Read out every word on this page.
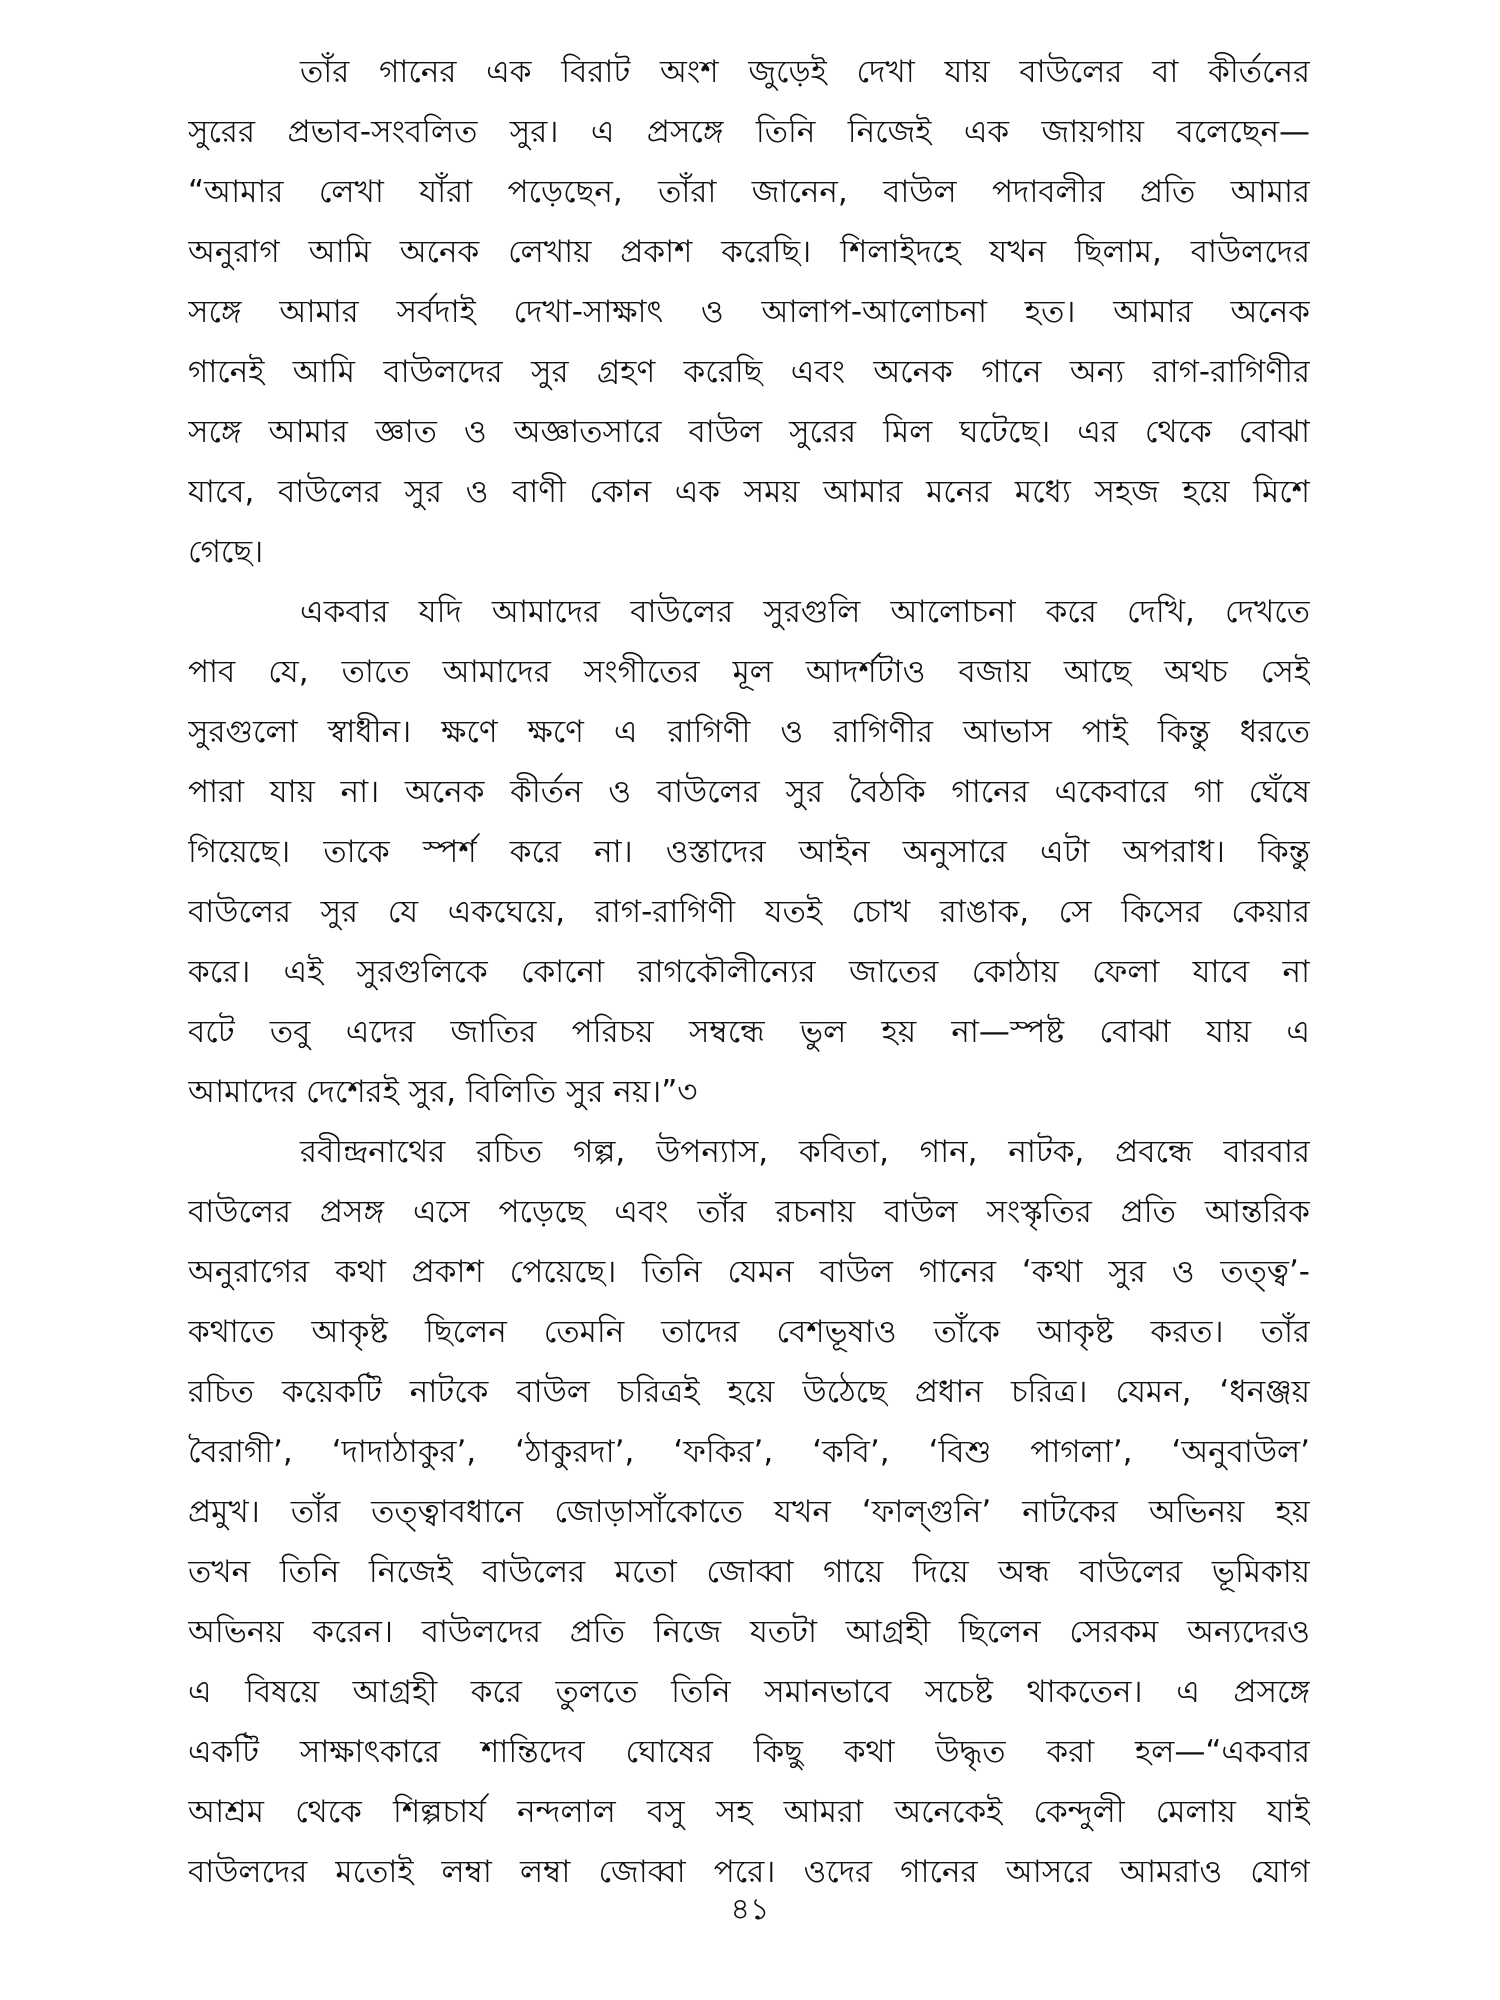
তাঁর গানের এক বিরাট অংশ জুড়েই দেখা যায় বাউলের বা কীর্তনের
সুরের প্রভাব-সংবলিত সুর। এ প্রসঙ্গে তিনি নিজেই এক জায়গায় বলেছেন—
“আমার লেখা যাঁরা পড়েছেন, তাঁরা জানেন, বাউল পদাবলীর প্রতি আমার
অনুরাগ আমি অনেক লেখায় প্রকাশ করেছি। শিলাইদহে যখন ছিলাম, বাউলদের
সঙ্গে আমার সর্বদাই দেখা-সাক্ষাৎ ও আলাপ-আলোচনা হত। আমার অনেক
গানেই আমি বাউলদের সুর গ্রহণ করেছি এবং অনেক গানে অন্য রাগ-রাগিণীর
সঙ্গে আমার জ্ঞাত ও অজ্ঞাতসারে বাউল সুরের মিল ঘটেছে। এর থেকে বোঝা
যাবে, বাউলের সুর ও বাণী কোন এক সময় আমার মনের মধ্যে সহজ হয়ে মিশে
গেছে।
একবার যদি আমাদের বাউলের সুরগুলি আলোচনা করে দেখি, দেখতে
পাব যে, তাতে আমাদের সংগীতের মূল আদর্শটাও বজায় আছে অথচ সেই
সুরগুলো স্বাধীন। ক্ষণে ক্ষণে এ রাগিণী ও রাগিণীর আভাস পাই কিন্তু ধরতে
পারা যায় না। অনেক কীর্তন ও বাউলের সুর বৈঠকি গানের একেবারে গা ঘেঁষে
গিয়েছে। তাকে স্পর্শ করে না। ওস্তাদের আইন অনুসারে এটা অপরাধ। কিন্তু
বাউলের সুর যে একঘেয়ে, রাগ-রাগিণী যতই চোখ রাঙাক, সে কিসের কেয়ার
করে। এই সুরগুলিকে কোনো রাগকৌলীন্যের জাতের কোঠায় ফেলা যাবে না
বটে তবু এদের জাতির পরিচয় সম্বন্ধে ভুল হয় না—স্পষ্ট বোঝা যায় এ
আমাদের দেশেরই সুর, বিলিতি সুর নয়।”৩
রবীন্দ্রনাথের রচিত গল্প, উপন্যাস, কবিতা, গান, নাটক, প্রবন্ধে বারবার
বাউলের প্রসঙ্গ এসে পড়েছে এবং তাঁর রচনায় বাউল সংস্কৃতির প্রতি আন্তরিক
অনুরাগের কথা প্রকাশ পেয়েছে। তিনি যেমন বাউল গানের ‘কথা সুর ও তত্ত্ব’-
কথাতে আকৃষ্ট ছিলেন তেমনি তাদের বেশভূষাও তাঁকে আকৃষ্ট করত। তাঁর
রচিত কয়েকটি নাটকে বাউল চরিত্রই হয়ে উঠেছে প্রধান চরিত্র। যেমন, ‘ধনঞ্জয়
বৈরাগী’, ‘দাদাঠাকুর’, ‘ঠাকুরদা’, ‘ফকির’, ‘কবি’, ‘বিশু পাগলা’, ‘অনুবাউল’
প্রমুখ। তাঁর তত্ত্বাবধানে জোড়াসাঁকোতে যখন ‘ফাল্গুনি’ নাটকের অভিনয় হয়
তখন তিনি নিজেই বাউলের মতো জোব্বা গায়ে দিয়ে অন্ধ বাউলের ভূমিকায়
অভিনয় করেন। বাউলদের প্রতি নিজে যতটা আগ্রহী ছিলেন সেরকম অন্যদেরও
এ বিষয়ে আগ্রহী করে তুলতে তিনি সমানভাবে সচেষ্ট থাকতেন। এ প্রসঙ্গে
একটি সাক্ষাৎকারে শান্তিদেব ঘোষের কিছু কথা উদ্ধৃত করা হল—“একবার
আশ্রম থেকে শিল্পচার্য নন্দলাল বসু সহ আমরা অনেকেই কেন্দুলী মেলায় যাই
বাউলদের মতোই লম্বা লম্বা জোব্বা পরে। ওদের গানের আসরে আমরাও যোগ
৪১
